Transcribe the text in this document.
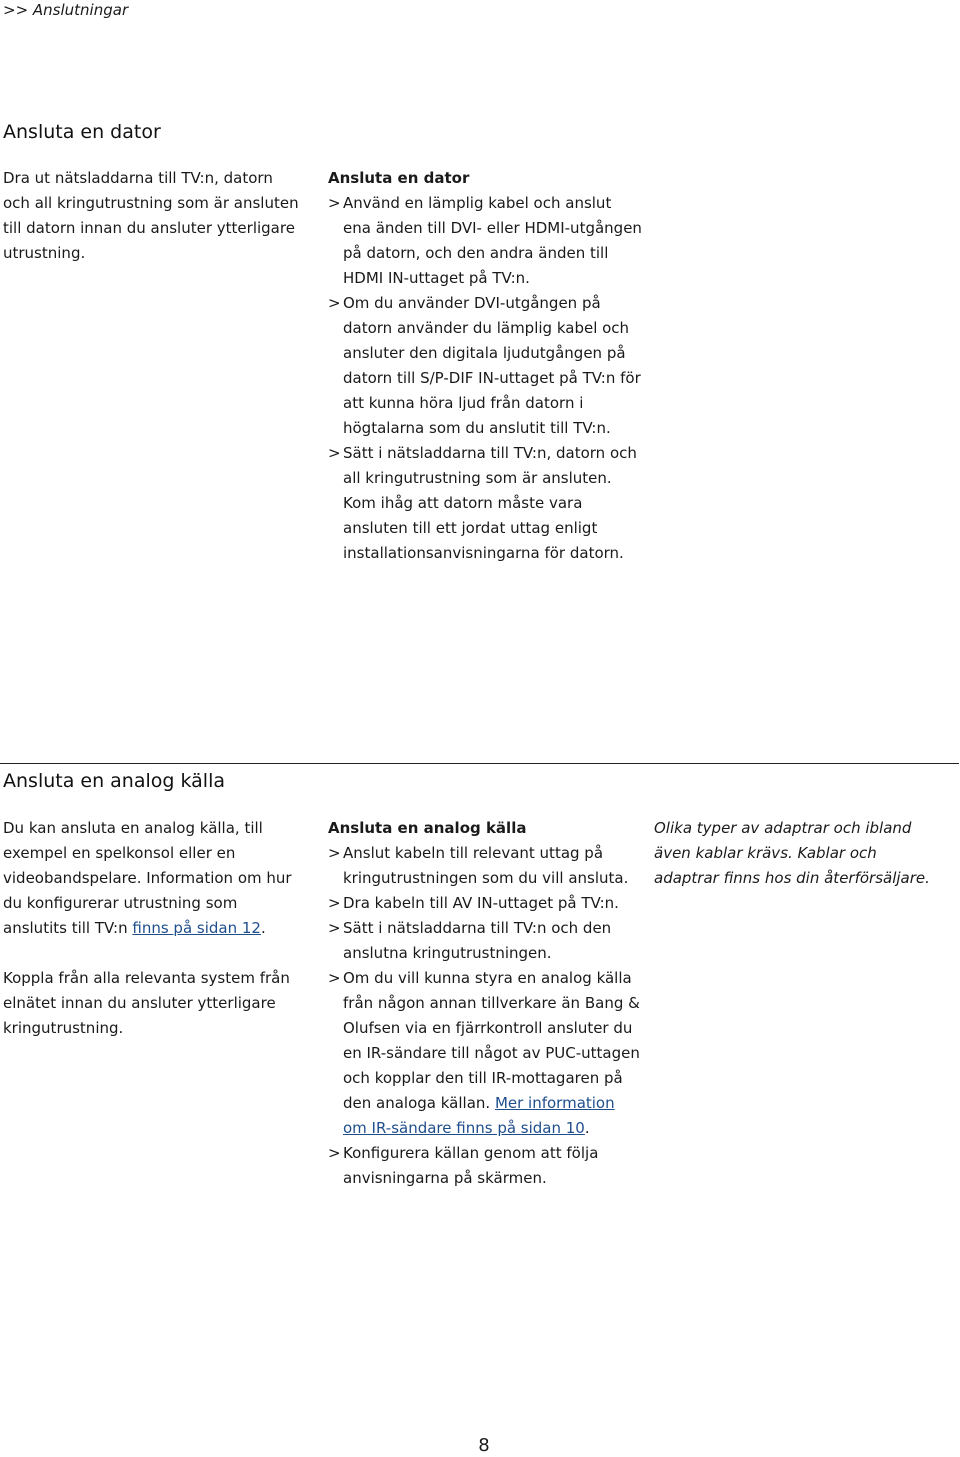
>> Anslutningar
Ansluta en dator

Dra ut nätsladdarna till TV:n, datorn och all kringutrustning som är ansluten till datorn innan du ansluter ytterligare utrustning.

Ansluta en dator

> Använd en lämplig kabel och anslut ena änden till DVI- eller HDMI-utgången på datorn, och den andra änden till HDMI IN-uttaget på TV:n.
> Om du använder DVI-utgången på datorn använder du lämplig kabel och ansluter den digitala ljudutgången på datorn till S/P-DIF IN-uttaget på TV:n för att kunna höra ljud från datorn i högtalarna som du anslutit till TV:n.
> Sätt i nätsladdarna till TV:n, datorn och all kringutrustning som är ansluten. Kom ihåg att datorn måste vara ansluten till ett jordat uttag enligt installationsanvisningarna för datorn.
Ansluta en analog källa

Du kan ansluta en analog källa, till exempel en spelkonsol eller en videobandspelare. Information om hur du konfigurerar utrustning som anslutits till TV:n finns på sidan 12.

Koppla från alla relevanta system från elnätet innan du ansluter ytterligare kringutrustning.

Ansluta en analog källa

> Anslut kabeln till relevant uttag på kringutrustningen som du vill ansluta.
> Dra kabeln till AV IN-uttaget på TV:n.
> Sätt i nätsladdarna till TV:n och den anslutna kringutrustningen.
> Om du vill kunna styra en analog källa från någon annan tillverkare än Bang & Olufsen via en fjärrkontroll ansluter du en IR-sändare till något av PUC-uttagen och kopplar den till IR-mottagaren på den analoga källan. Mer information om IR-sändare finns på sidan 10.
> Konfigurera källan genom att följa anvisningarna på skärmen.

Olika typer av adaptrar och ibland även kablar krävs. Kablar och adaptrar finns hos din återförsäljare.

8
